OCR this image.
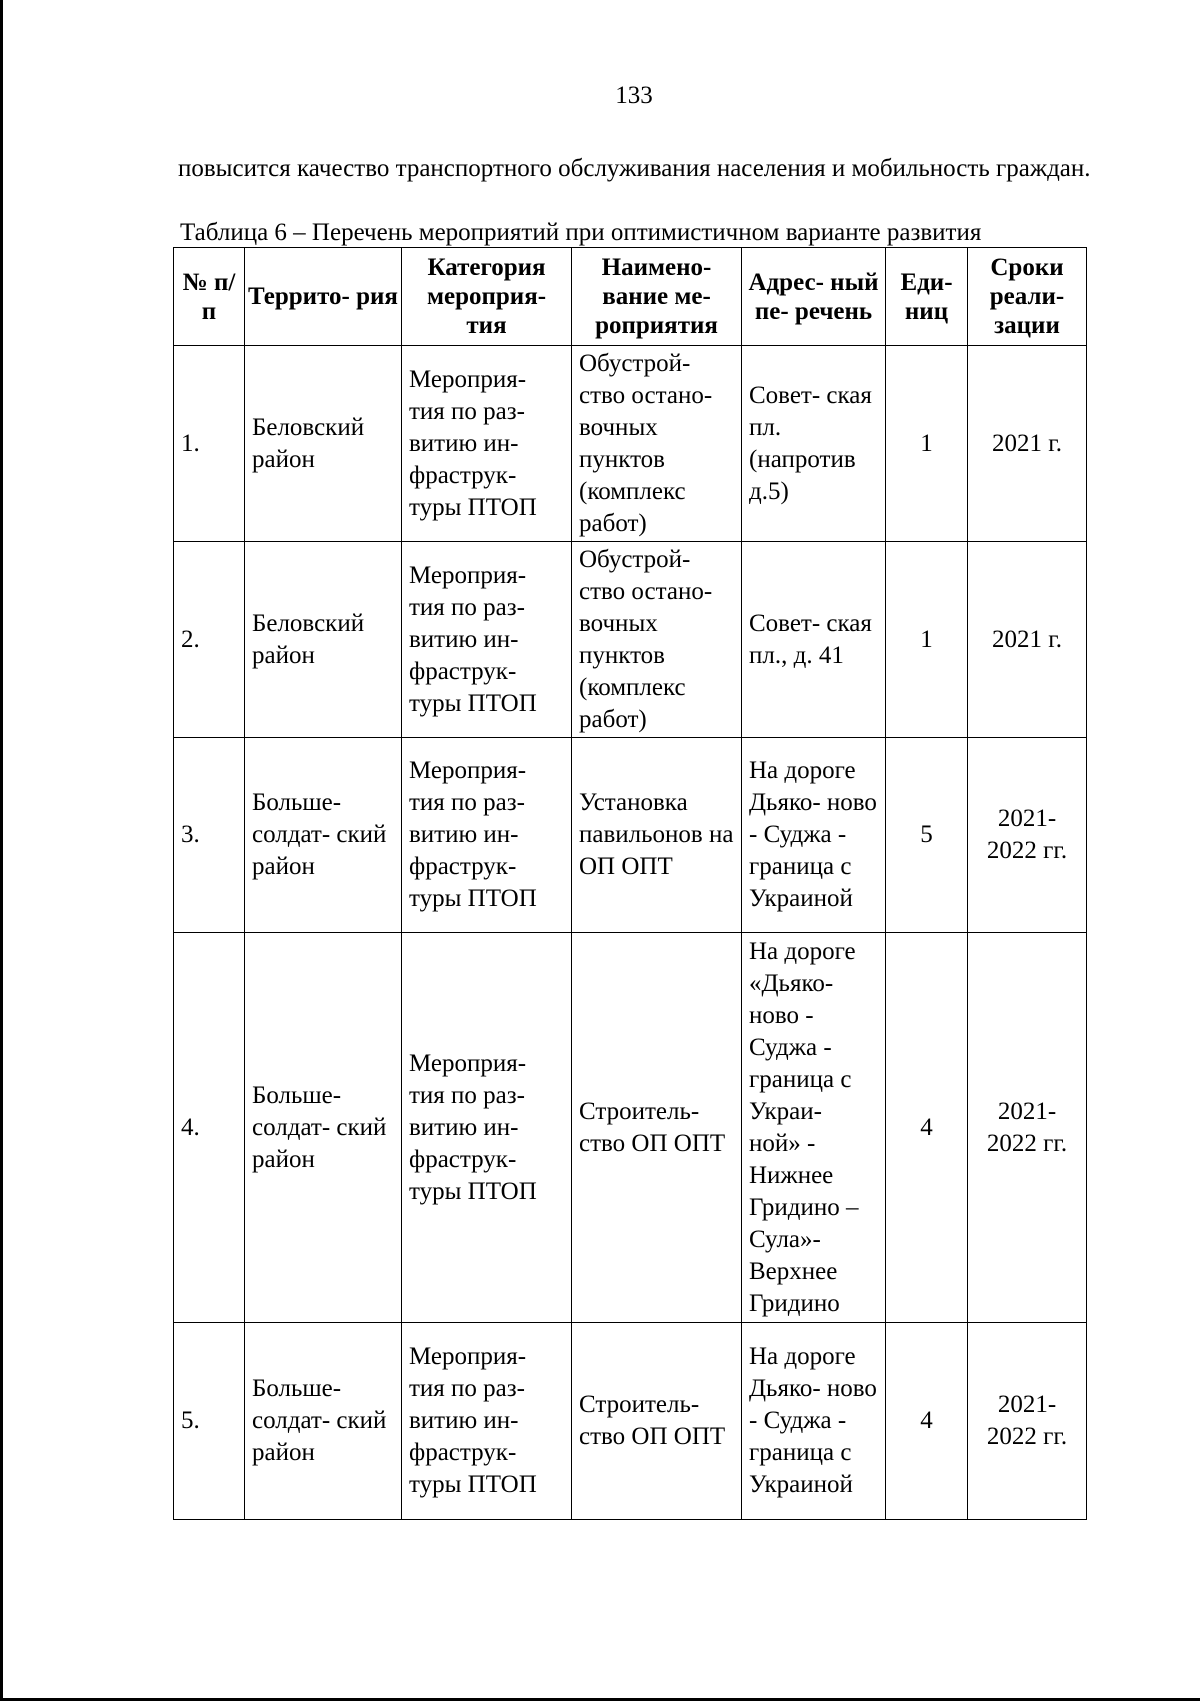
133
повысится качество транспортного обслуживания населения и мобильность граждан.
Таблица 6 – Перечень мероприятий при оптимистичном варианте развития
№ п/п	Террито- рия	Категория мероприя- тия	Наимено- вание ме- роприятия	Адрес- ный пе- речень	Еди- ниц	Сроки реали- зации
1.	Беловский район	Мероприя- тия по раз- витию ин- фраструк- туры ПТОП	Обустрой- ство остано- вочных пунктов (комплекс работ)	Совет- ская пл. (напротив д.5)	1	2021 г.
2.	Беловский район	Мероприя- тия по раз- витию ин- фраструк- туры ПТОП	Обустрой- ство остано- вочных пунктов (комплекс работ)	Совет- ская пл., д. 41	1	2021 г.
3.	Больше- солдат- ский район	Мероприя- тия по раз- витию ин- фраструк- туры ПТОП	Установка павильонов на ОП ОПТ	На дороге Дьяко- ново - Суджа - граница с Украиной	5	2021- 2022 гг.
4.	Больше- солдат- ский район	Мероприя- тия по раз- витию ин- фраструк- туры ПТОП	Строитель- ство ОП ОПТ	На дороге «Дьяко- ново - Суджа - граница с Украи- ной» - Нижнее Гридино – Сула»- Верхнее Гридино	4	2021- 2022 гг.
5.	Больше- солдат- ский район	Мероприя- тия по раз- витию ин- фраструк- туры ПТОП	Строитель- ство ОП ОПТ	На дороге Дьяко- ново - Суджа - граница с Украиной	4	2021- 2022 гг.
